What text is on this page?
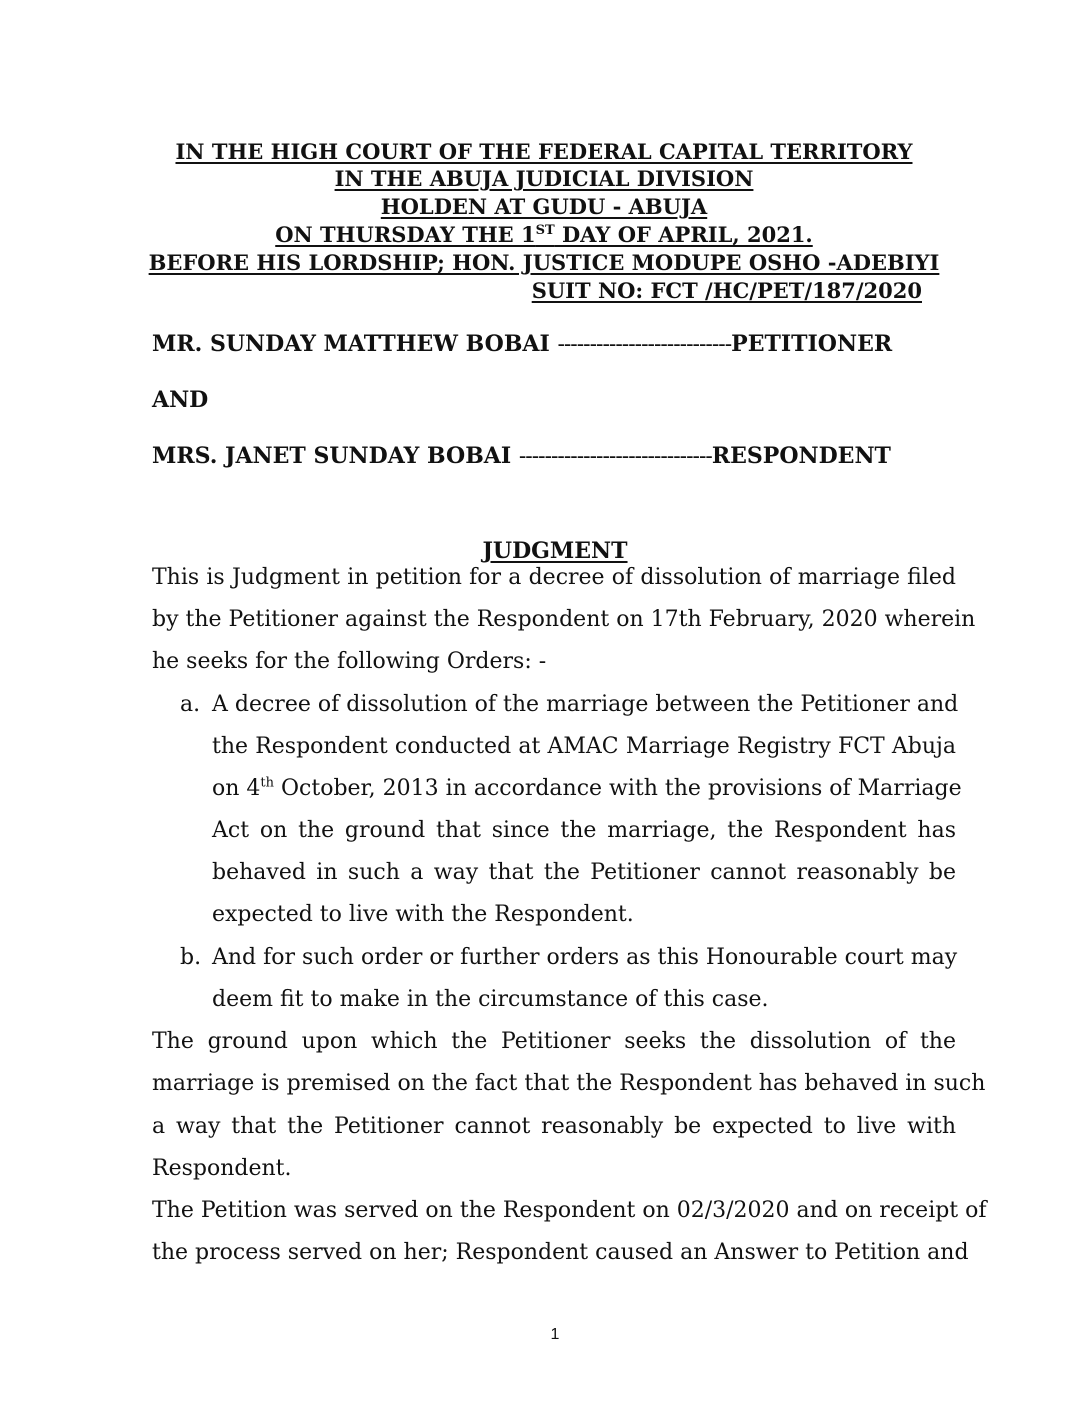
IN THE HIGH COURT OF THE FEDERAL CAPITAL TERRITORY
IN THE ABUJA JUDICIAL DIVISION
HOLDEN AT GUDU - ABUJA
ON THURSDAY THE 1ST DAY OF APRIL, 2021.
BEFORE HIS LORDSHIP; HON. JUSTICE MODUPE OSHO -ADEBIYI
SUIT NO: FCT /HC/PET/187/2020
MR. SUNDAY MATTHEW BOBAI ---------------------------PETITIONER
AND
MRS. JANET SUNDAY BOBAI ------------------------------RESPONDENT
JUDGMENT
This is Judgment in petition for a decree of dissolution of marriage filed
by the Petitioner against the Respondent on 17th February, 2020 wherein
he seeks for the following Orders: -
a. A decree of dissolution of the marriage between the Petitioner and
the Respondent conducted at AMAC Marriage Registry FCT Abuja
on 4th October, 2013 in accordance with the provisions of Marriage
Act on the ground that since the marriage, the Respondent has
behaved in such a way that the Petitioner cannot reasonably be
expected to live with the Respondent.
b. And for such order or further orders as this Honourable court may
deem fit to make in the circumstance of this case.
The ground upon which the Petitioner seeks the dissolution of the
marriage is premised on the fact that the Respondent has behaved in such
a way that the Petitioner cannot reasonably be expected to live with
Respondent.
The Petition was served on the Respondent on 02/3/2020 and on receipt of
the process served on her; Respondent caused an Answer to Petition and
1
